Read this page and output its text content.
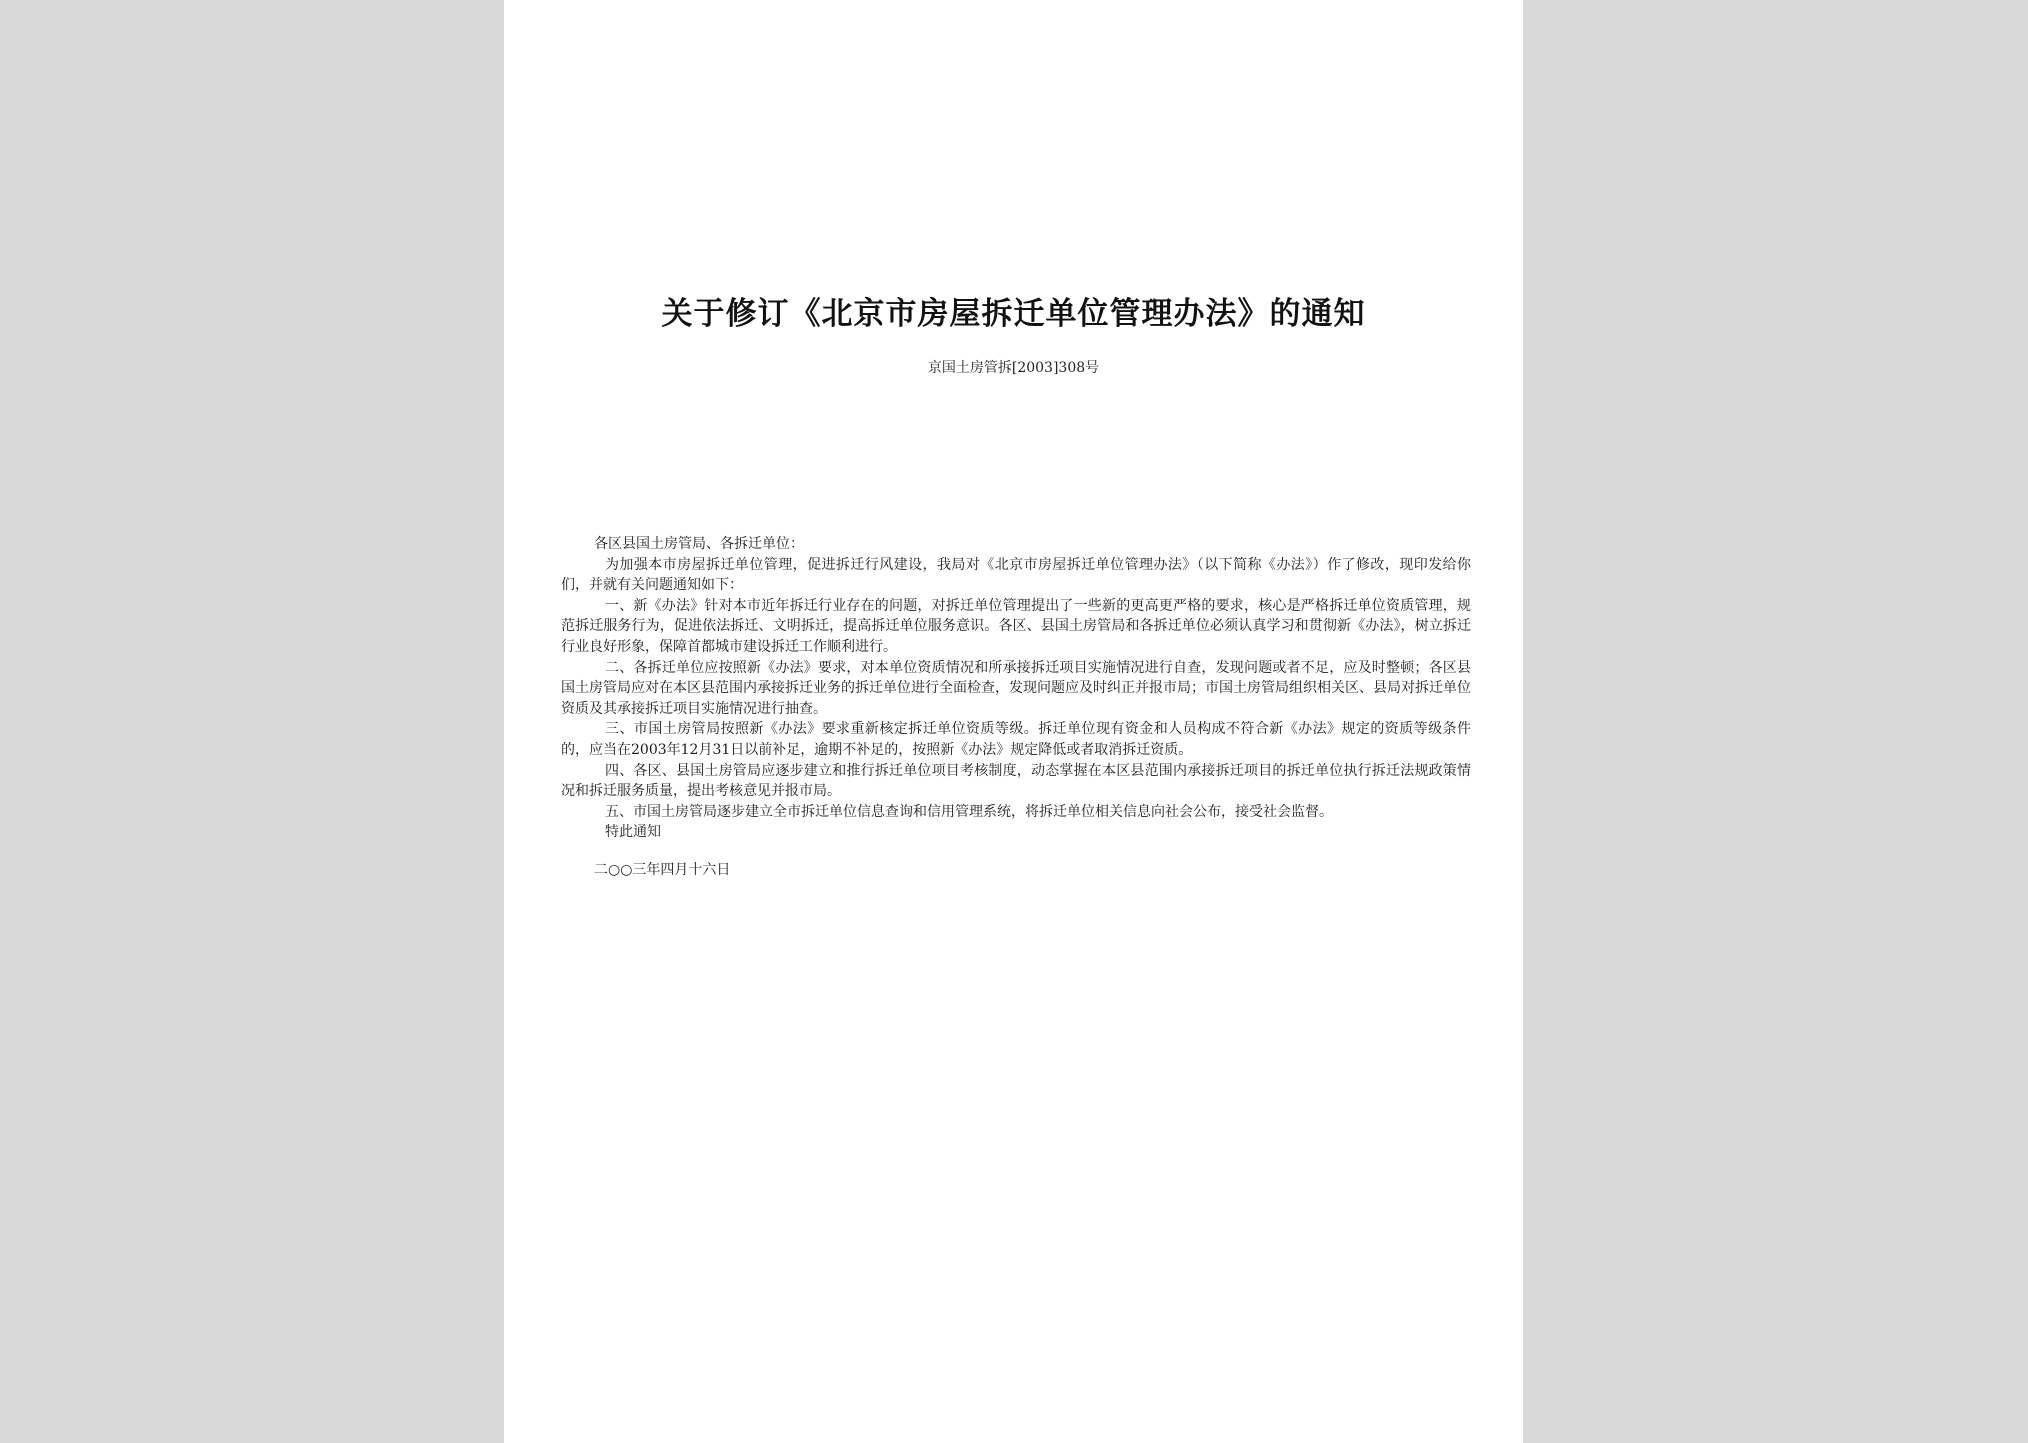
关于修订《北京市房屋拆迁单位管理办法》的通知
京国土房管拆[2003]308号

各区县国土房管局、各拆迁单位：

为加强本市房屋拆迁单位管理，促进拆迁行风建设，我局对《北京市房屋拆迁单位管理办法》（以下简称《办法》）作了修改，现印发给你们，并就有关问题通知如下：

一、新《办法》针对本市近年拆迁行业存在的问题，对拆迁单位管理提出了一些新的更高更严格的要求，核心是严格拆迁单位资质管理，规范拆迁服务行为，促进依法拆迁、文明拆迁，提高拆迁单位服务意识。各区、县国土房管局和各拆迁单位必须认真学习和贯彻新《办法》，树立拆迁行业良好形象，保障首都城市建设拆迁工作顺利进行。

二、各拆迁单位应按照新《办法》要求，对本单位资质情况和所承接拆迁项目实施情况进行自查，发现问题或者不足，应及时整顿；各区县国土房管局应对在本区县范围内承接拆迁业务的拆迁单位进行全面检查，发现问题应及时纠正并报市局；市国土房管局组织相关区、县局对拆迁单位资质及其承接拆迁项目实施情况进行抽查。

三、市国土房管局按照新《办法》要求重新核定拆迁单位资质等级。拆迁单位现有资金和人员构成不符合新《办法》规定的资质等级条件的，应当在2003年12月31日以前补足，逾期不补足的，按照新《办法》规定降低或者取消拆迁资质。

四、各区、县国土房管局应逐步建立和推行拆迁单位项目考核制度，动态掌握在本区县范围内承接拆迁项目的拆迁单位执行拆迁法规政策情况和拆迁服务质量，提出考核意见并报市局。

五、市国土房管局逐步建立全市拆迁单位信息查询和信用管理系统，将拆迁单位相关信息向社会公布，接受社会监督。

特此通知

二○○三年四月十六日
